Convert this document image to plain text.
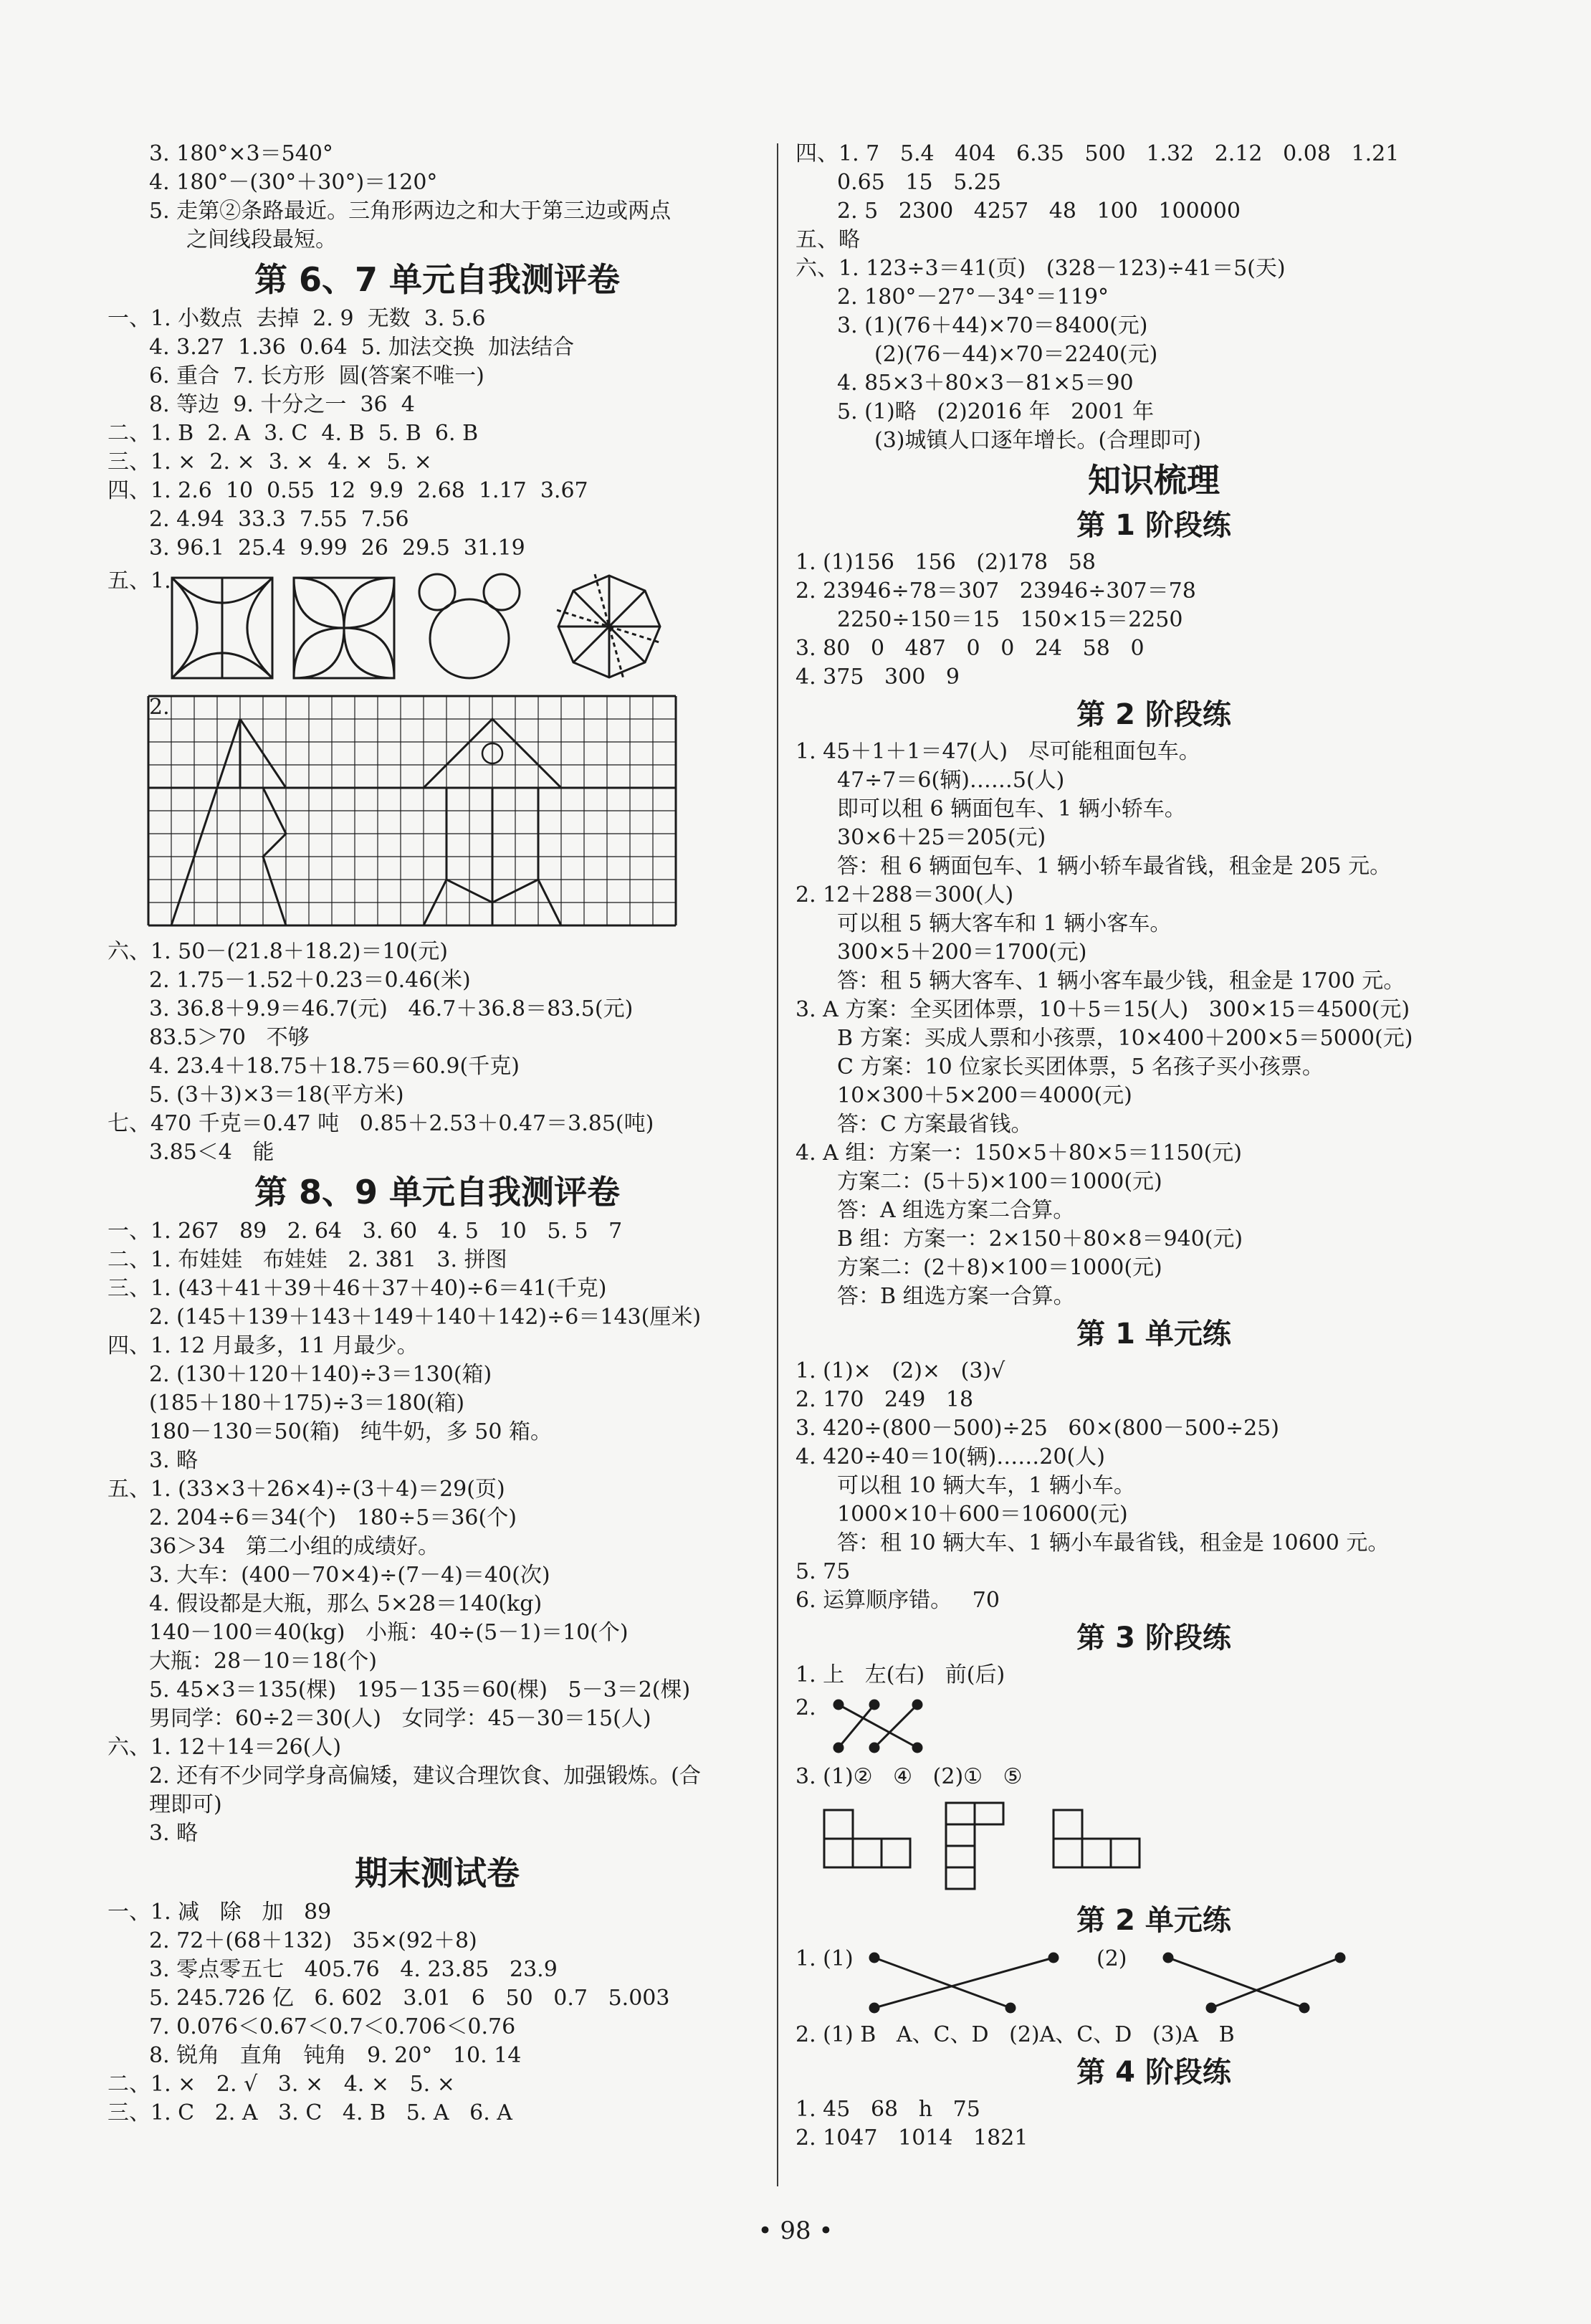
3. 180°×3＝540°

4. 180°－(30°＋30°)＝120°

5. 走第②条路最近。三角形两边之和大于第三边或两点

之间线段最短。

第 6、7 单元自我测评卷

一、1. 小数点  去掉  2. 9  无数  3. 5.6

4. 3.27  1.36  0.64  5. 加法交换  加法结合

6. 重合  7. 长方形  圆(答案不唯一)

8. 等边  9. 十分之一  36  4

二、1. B  2. A  3. C  4. B  5. B  6. B

三、1. ×  2. ×  3. ×  4. ×  5. ×

四、1. 2.6  10  0.55  12  9.9  2.68  1.17  3.67

2. 4.94  33.3  7.55  7.56

3. 96.1  25.4  9.99  26  29.5  31.19

五、1.
2.

六、1. 50－(21.8＋18.2)＝10(元)

2. 1.75－1.52＋0.23＝0.46(米)

3. 36.8＋9.9＝46.7(元)   46.7＋36.8＝83.5(元)

83.5＞70   不够

4. 23.4＋18.75＋18.75＝60.9(千克)

5. (3＋3)×3＝18(平方米)

七、470 千克＝0.47 吨   0.85＋2.53＋0.47＝3.85(吨)

3.85＜4   能

第 8、9 单元自我测评卷

一、1. 267   89   2. 64   3. 60   4. 5   10   5. 5   7

二、1. 布娃娃   布娃娃   2. 381   3. 拼图

三、1. (43＋41＋39＋46＋37＋40)÷6＝41(千克)

2. (145＋139＋143＋149＋140＋142)÷6＝143(厘米)

四、1. 12 月最多，11 月最少。

2. (130＋120＋140)÷3＝130(箱)

(185＋180＋175)÷3＝180(箱)

180－130＝50(箱)   纯牛奶，多 50 箱。

3. 略

五、1. (33×3＋26×4)÷(3＋4)＝29(页)

2. 204÷6＝34(个)   180÷5＝36(个)

36＞34   第二小组的成绩好。

3. 大车：(400－70×4)÷(7－4)＝40(次)

4. 假设都是大瓶，那么 5×28＝140(kg)

140－100＝40(kg)   小瓶：40÷(5－1)＝10(个)

大瓶：28－10＝18(个)

5. 45×3＝135(棵)   195－135＝60(棵)   5－3＝2(棵)

男同学：60÷2＝30(人)   女同学：45－30＝15(人)

六、1. 12＋14＝26(人)

2. 还有不少同学身高偏矮，建议合理饮食、加强锻炼。(合

理即可)

3. 略

期末测试卷

一、1. 减   除   加   89

2. 72＋(68＋132)   35×(92＋8)

3. 零点零五七   405.76   4. 23.85   23.9

5. 245.726 亿   6. 602   3.01   6   50   0.7   5.003

7. 0.076＜0.67＜0.7＜0.706＜0.76

8. 锐角   直角   钝角   9. 20°   10. 14

二、1. ×   2. √   3. ×   4. ×   5. ×

三、1. C   2. A   3. C   4. B   5. A   6. A

四、1. 7   5.4   404   6.35   500   1.32   2.12   0.08   1.21

0.65   15   5.25

2. 5   2300   4257   48   100   100000

五、略

六、1. 123÷3＝41(页)   (328－123)÷41＝5(天)

2. 180°－27°－34°＝119°

3. (1)(76＋44)×70＝8400(元)

(2)(76－44)×70＝2240(元)

4. 85×3＋80×3－81×5＝90

5. (1)略   (2)2016 年   2001 年

(3)城镇人口逐年增长。(合理即可)

知识梳理
第 1 阶段练

1. (1)156   156   (2)178   58

2. 23946÷78＝307   23946÷307＝78

2250÷150＝15   150×15＝2250

3. 80   0   487   0   0   24   58   0

4. 375   300   9

第 2 阶段练

1. 45＋1＋1＝47(人)   尽可能租面包车。

47÷7＝6(辆)……5(人)

即可以租 6 辆面包车、1 辆小轿车。

30×6＋25＝205(元)

答：租 6 辆面包车、1 辆小轿车最省钱，租金是 205 元。

2. 12＋288＝300(人)

可以租 5 辆大客车和 1 辆小客车。

300×5＋200＝1700(元)

答：租 5 辆大客车、1 辆小客车最少钱，租金是 1700 元。

3. A 方案：全买团体票，10＋5＝15(人)   300×15＝4500(元)

B 方案：买成人票和小孩票，10×400＋200×5＝5000(元)

C 方案：10 位家长买团体票，5 名孩子买小孩票。

10×300＋5×200＝4000(元)

答：C 方案最省钱。

4. A 组：方案一：150×5＋80×5＝1150(元)

方案二：(5＋5)×100＝1000(元)

答：A 组选方案二合算。

B 组：方案一：2×150＋80×8＝940(元)

方案二：(2＋8)×100＝1000(元)

答：B 组选方案一合算。

第 1 单元练

1. (1)×   (2)×   (3)√

2. 170   249   18

3. 420÷(800－500)÷25   60×(800－500÷25)

4. 420÷40＝10(辆)……20(人)

可以租 10 辆大车，1 辆小车。

1000×10＋600＝10600(元)

答：租 10 辆大车、1 辆小车最省钱，租金是 10600 元。

5. 75

6. 运算顺序错。   70

第 3 阶段练

1. 上   左(右)   前(后)

2.

3. (1)②   ④   (2)①   ⑤

第 2 单元练
1. (1)	(2)

2. (1) B   A、C、D   (2)A、C、D   (3)A   B

第 4 阶段练

1. 45   68   h   75

2. 1047   1014   1821

• 98 •
